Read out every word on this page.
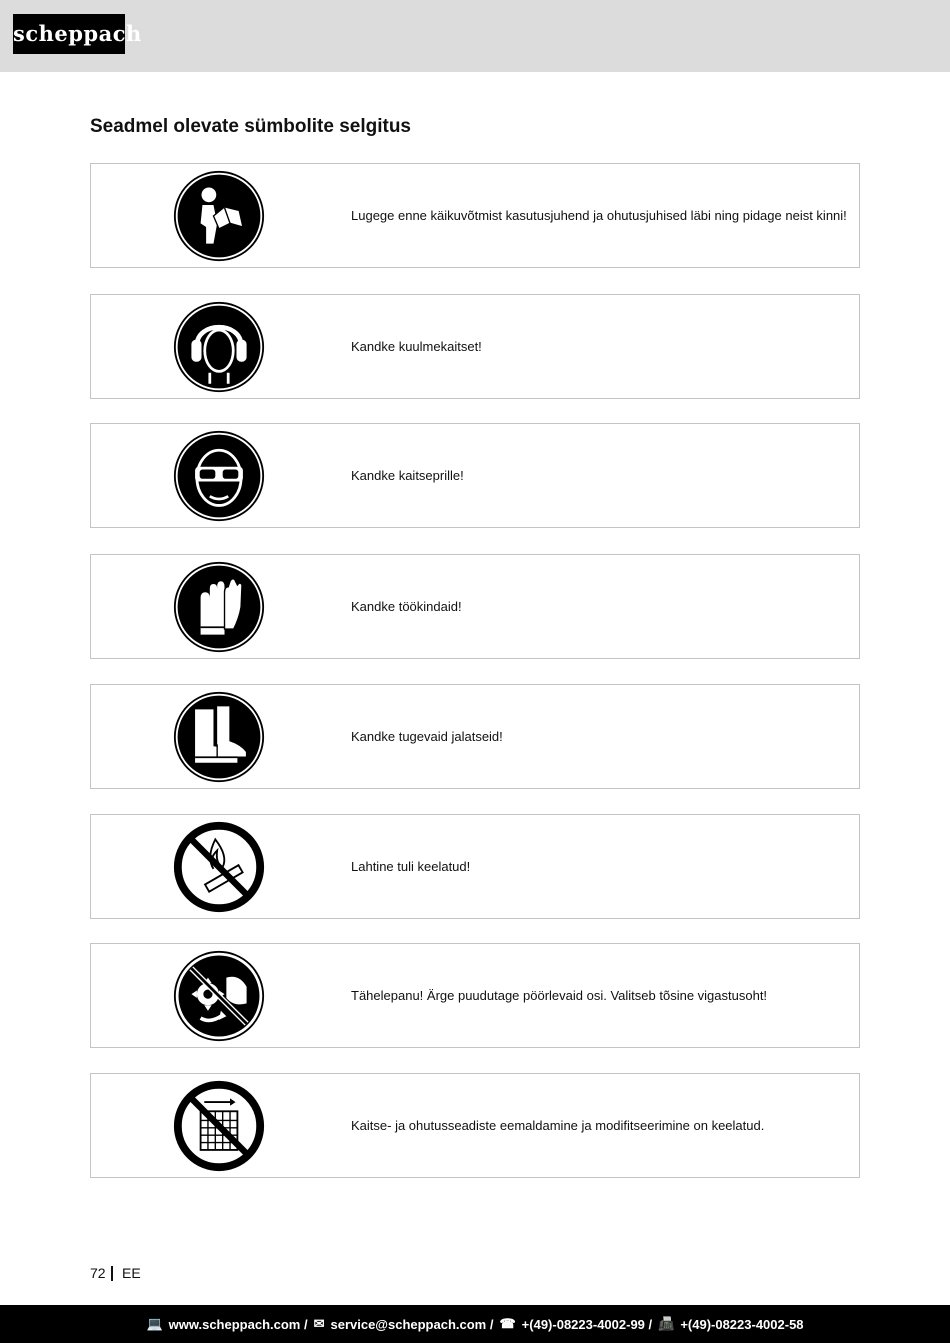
scheppach
Seadmel olevate sümbolite selgitus
Lugege enne käikuvõtmist kasutusjuhend ja ohutusjuhised läbi ning pidage neist kinni!
Kandke kuulmekaitset!
Kandke kaitseprille!
Kandke töökindaid!
Kandke tugevaid jalatseid!
Lahtine tuli keelatud!
Tähelepanu! Ärge puudutage pöörlevaid osi. Valitseb tõsine vigastusoht!
Kaitse- ja ohutusseadiste eemaldamine ja modifitseerimine on keelatud.
72 EE
💻 www.scheppach.com / ✉ service@scheppach.com / ☎ +(49)-08223-4002-99 / 📠 +(49)-08223-4002-58
